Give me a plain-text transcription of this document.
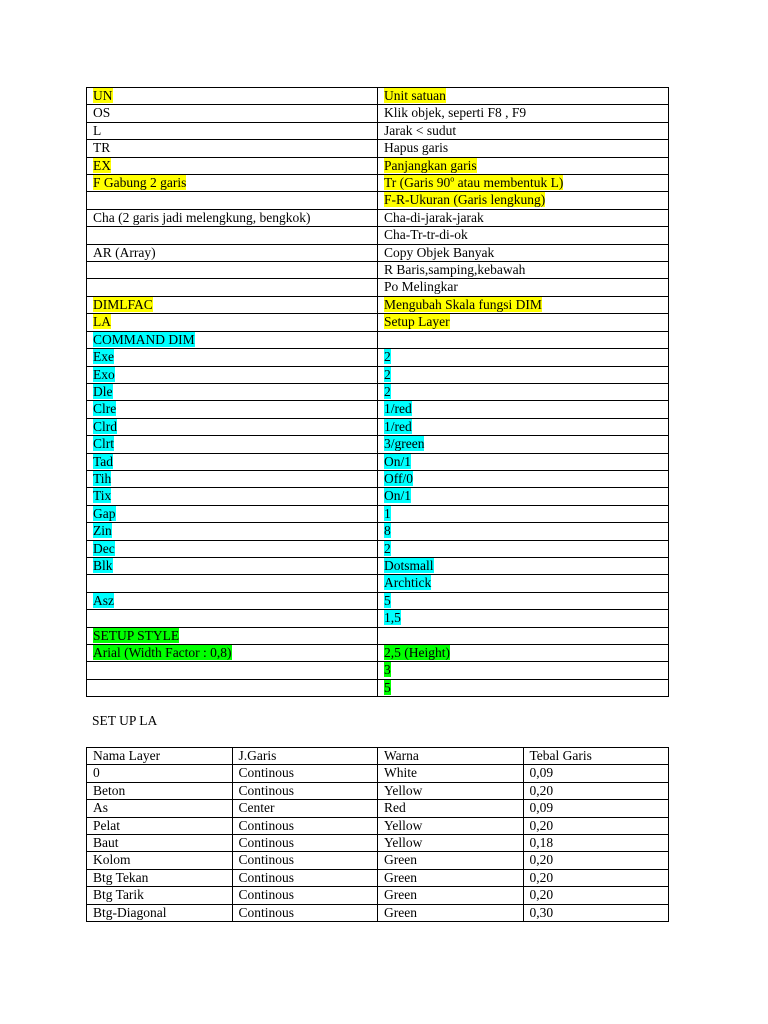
UN	Unit satuan
OS	Klik objek, seperti F8 , F9
L	Jarak < sudut
TR	Hapus garis
EX	Panjangkan garis
F Gabung 2 garis	Tr (Garis 90$^o$ atau membentuk L)
	F-R-Ukuran (Garis lengkung)
Cha (2 garis jadi melengkung, bengkok)	Cha-di-jarak-jarak
	Cha-Tr-tr-di-ok
AR (Array)	Copy Objek Banyak
	R Baris,samping,kebawah
	Po Melingkar
DIMLFAC	Mengubah Skala fungsi DIM
LA	Setup Layer
COMMAND DIM	
Exe	2
Exo	2
Dle	2
Clre	1/red
Clrd	1/red
Clrt	3/green
Tad	On/1
Tih	Off/0
Tix	On/1
Gap	1
Zin	8
Dec	2
Blk	Dotsmall
	Archtick
Asz	5
	1,5
SETUP STYLE	
Arial (Width Factor : 0,8)	2,5 (Height)
	3
	5
SET UP LA
Nama Layer	J.Garis	Warna	Tebal Garis
0	Continous	White	0,09
Beton	Continous	Yellow	0,20
As	Center	Red	0,09
Pelat	Continous	Yellow	0,20
Baut	Continous	Yellow	0,18
Kolom	Continous	Green	0,20
Btg Tekan	Continous	Green	0,20
Btg Tarik	Continous	Green	0,20
Btg-Diagonal	Continous	Green	0,30
